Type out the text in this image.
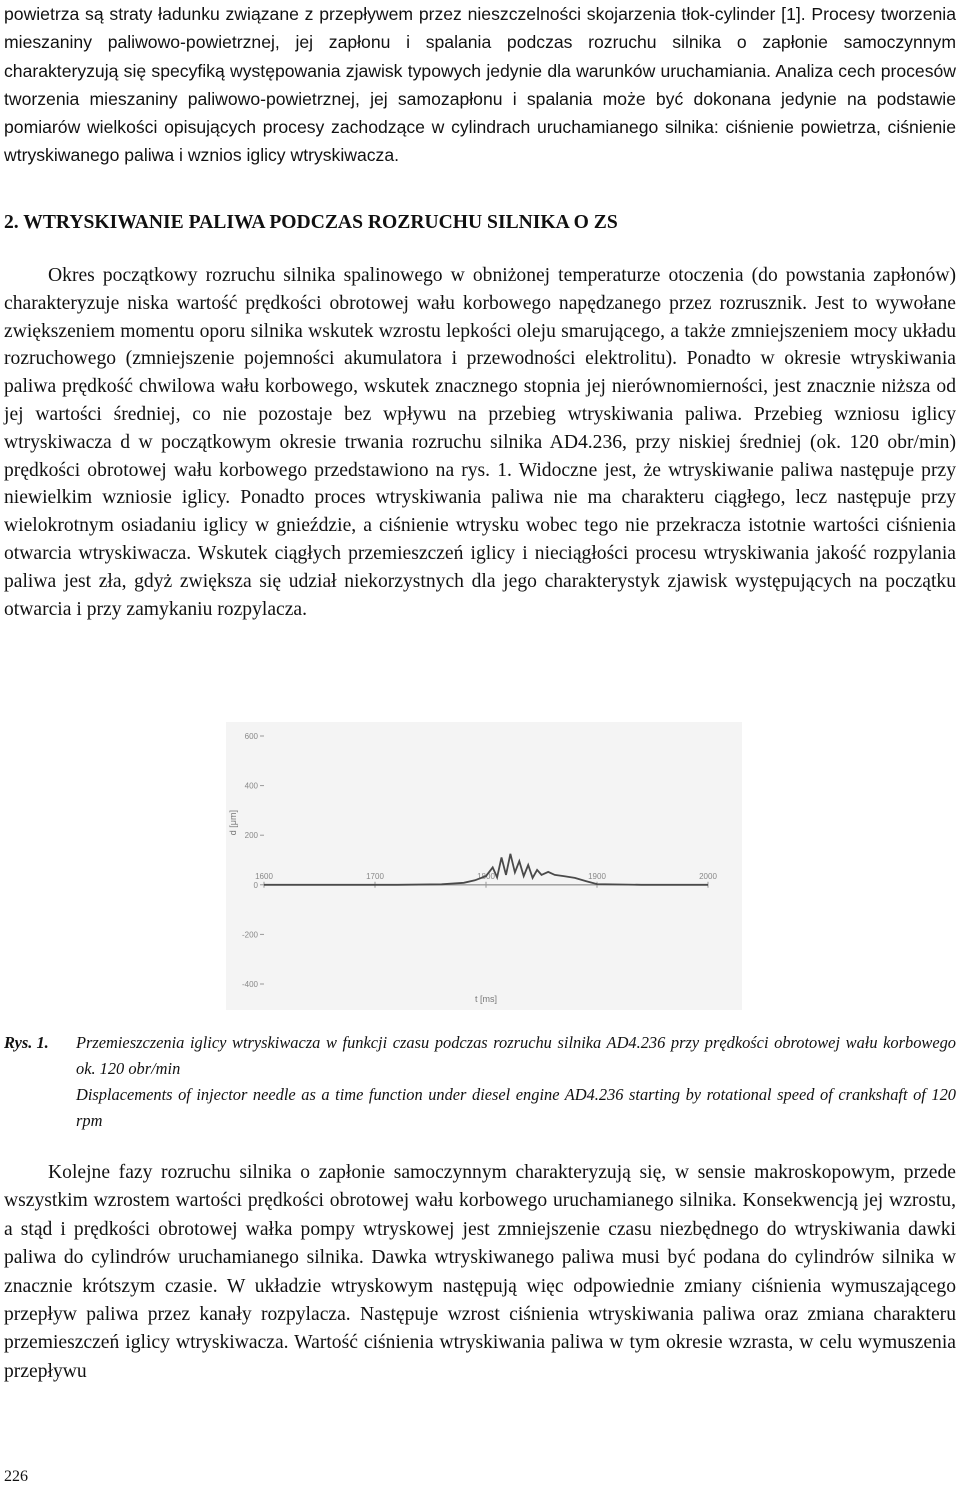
powietrza są straty ładunku związane z przepływem przez nieszczelności skojarzenia tłok-cylinder [1]. Procesy tworzenia mieszaniny paliwowo-powietrznej, jej zapłonu i spalania podczas rozruchu silnika o zapłonie samoczynnym charakteryzują się specyfiką występowania zjawisk typowych jedynie dla warunków uruchamiania. Analiza cech procesów tworzenia mieszaniny paliwowo-powietrznej, jej samozapłonu i spalania może być dokonana jedynie na podstawie pomiarów wielkości opisujących procesy zachodzące w cylindrach uruchamianego silnika: ciśnienie powietrza, ciśnienie wtryskiwanego paliwa i wznios iglicy wtryskiwacza.

2. WTRYSKIWANIE PALIWA PODCZAS ROZRUCHU SILNIKA O ZS

Okres początkowy rozruchu silnika spalinowego w obniżonej temperaturze otoczenia (do powstania zapłonów) charakteryzuje niska wartość prędkości obrotowej wału korbowego napędzanego przez rozrusznik. Jest to wywołane zwiększeniem momentu oporu silnika wskutek wzrostu lepkości oleju smarującego, a także zmniejszeniem mocy układu rozruchowego (zmniejszenie pojemności akumulatora i przewodności elektrolitu). Ponadto w okresie wtryskiwania paliwa prędkość chwilowa wału korbowego, wskutek znacznego stopnia jej nierównomierności, jest znacznie niższa od jej wartości średniej, co nie pozostaje bez wpływu na przebieg wtryskiwania paliwa. Przebieg wzniosu iglicy wtryskiwacza d w początkowym okresie trwania rozruchu silnika AD4.236, przy niskiej średniej (ok. 120 obr/min) prędkości obrotowej wału korbowego przedstawiono na rys. 1. Widoczne jest, że wtryskiwanie paliwa następuje przy niewielkim wzniosie iglicy. Ponadto proces wtryskiwania paliwa nie ma charakteru ciągłego, lecz następuje przy wielokrotnym osiadaniu iglicy w gnieździe, a ciśnienie wtrysku wobec tego nie przekracza istotnie wartości ciśnienia otwarcia wtryskiwacza. Wskutek ciągłych przemieszczeń iglicy i nieciągłości procesu wtryskiwania jakość rozpylania paliwa jest zła, gdyż zwiększa się udział niekorzystnych dla jego charakterystyk zjawisk występujących na początku otwarcia i przy zamykaniu rozpylacza.

600
400
200
0
-200
-400
1600	1700	1800	1900	2000
d [μm]
t [ms]
Rys. 1. Przemieszczenia iglicy wtryskiwacza w funkcji czasu podczas rozruchu silnika AD4.236 przy prędkości obrotowej wału korbowego ok. 120 obr/min

Displacements of injector needle as a time function under diesel engine AD4.236 starting by rotational speed of crankshaft of 120 rpm

Kolejne fazy rozruchu silnika o zapłonie samoczynnym charakteryzują się, w sensie makroskopowym, przede wszystkim wzrostem wartości prędkości obrotowej wału korbowego uruchamianego silnika. Konsekwencją jej wzrostu, a stąd i prędkości obrotowej wałka pompy wtryskowej jest zmniejszenie czasu niezbędnego do wtryskiwania dawki paliwa do cylindrów uruchamianego silnika. Dawka wtryskiwanego paliwa musi być podana do cylindrów silnika w znacznie krótszym czasie. W układzie wtryskowym następują więc odpowiednie zmiany ciśnienia wymuszającego przepływ paliwa przez kanały rozpylacza. Następuje wzrost ciśnienia wtryskiwania paliwa oraz zmiana charakteru przemieszczeń iglicy wtryskiwacza. Wartość ciśnienia wtryskiwania paliwa w tym okresie wzrasta, w celu wymuszenia przepływu

226
